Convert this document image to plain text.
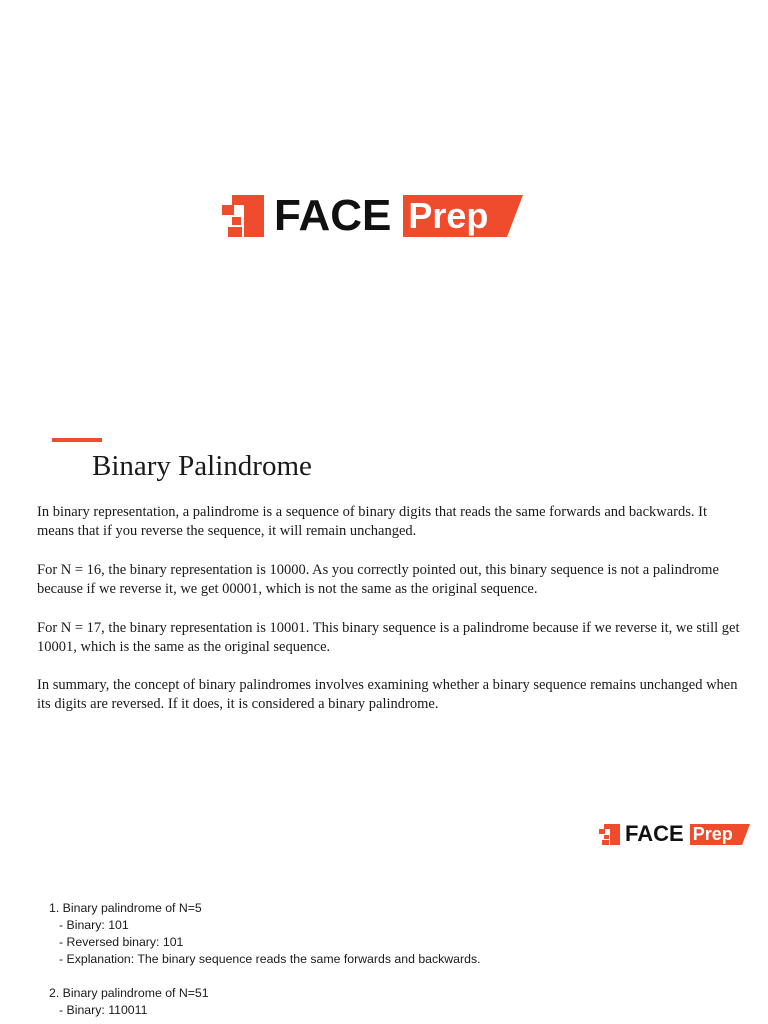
FACE Prep
Binary Palindrome

In binary representation, a palindrome is a sequence of binary digits that reads the same forwards and backwards. It means that if you reverse the sequence, it will remain unchanged.

For N = 16, the binary representation is 10000. As you correctly pointed out, this binary sequence is not a palindrome because if we reverse it, we get 00001, which is not the same as the original sequence.

For N = 17, the binary representation is 10001. This binary sequence is a palindrome because if we reverse it, we still get 10001, which is the same as the original sequence.

In summary, the concept of binary palindromes involves examining whether a binary sequence remains unchanged when its digits are reversed. If it does, it is considered a binary palindrome.

FACE Prep
1. Binary palindrome of N=5
- Binary: 101
- Reversed binary: 101
- Explanation: The binary sequence reads the same forwards and backwards.
2. Binary palindrome of N=51
- Binary: 110011
